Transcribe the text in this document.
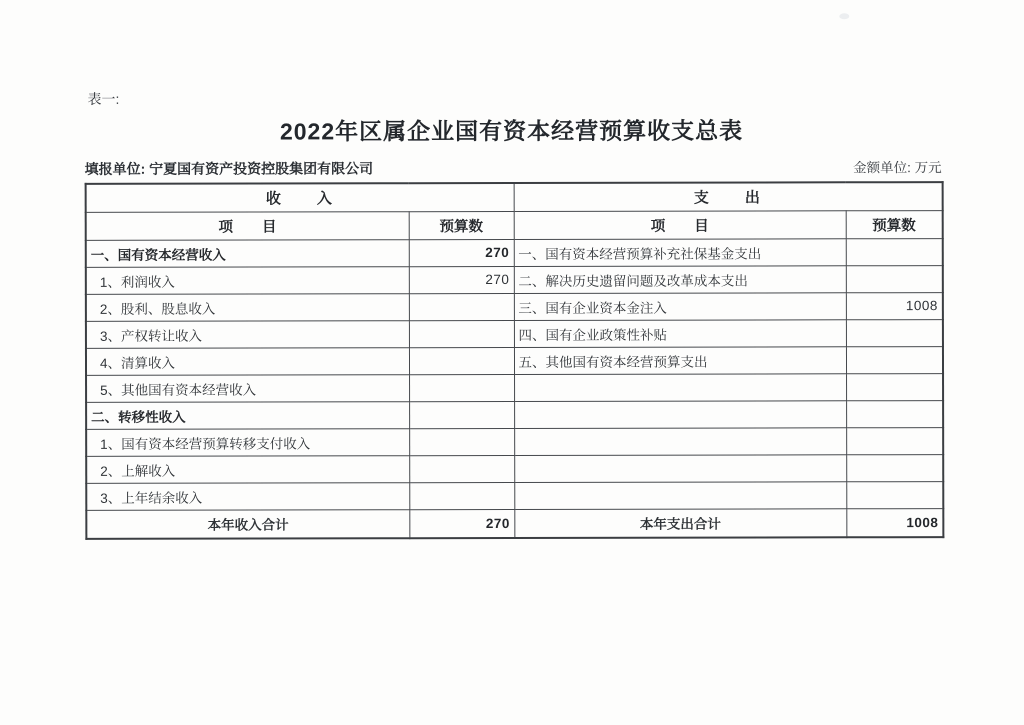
表一:
2022年区属企业国有资本经营预算收支总表
填报单位: 宁夏国有资产投资控股集团有限公司	金额单位: 万元
收　　入		支　　出	
项　　目	预算数	项　　目	预算数
一、国有资本经营收入	270	一、国有资本经营预算补充社保基金支出	
1、利润收入	270	二、解决历史遗留问题及改革成本支出	
2、股利、股息收入		三、国有企业资本金注入	1008
3、产权转让收入		四、国有企业政策性补贴	
4、清算收入		五、其他国有资本经营预算支出	
5、其他国有资本经营收入			
二、转移性收入			
1、国有资本经营预算转移支付收入			
2、上解收入			
3、上年结余收入			
本年收入合计	270	本年支出合计	1008
